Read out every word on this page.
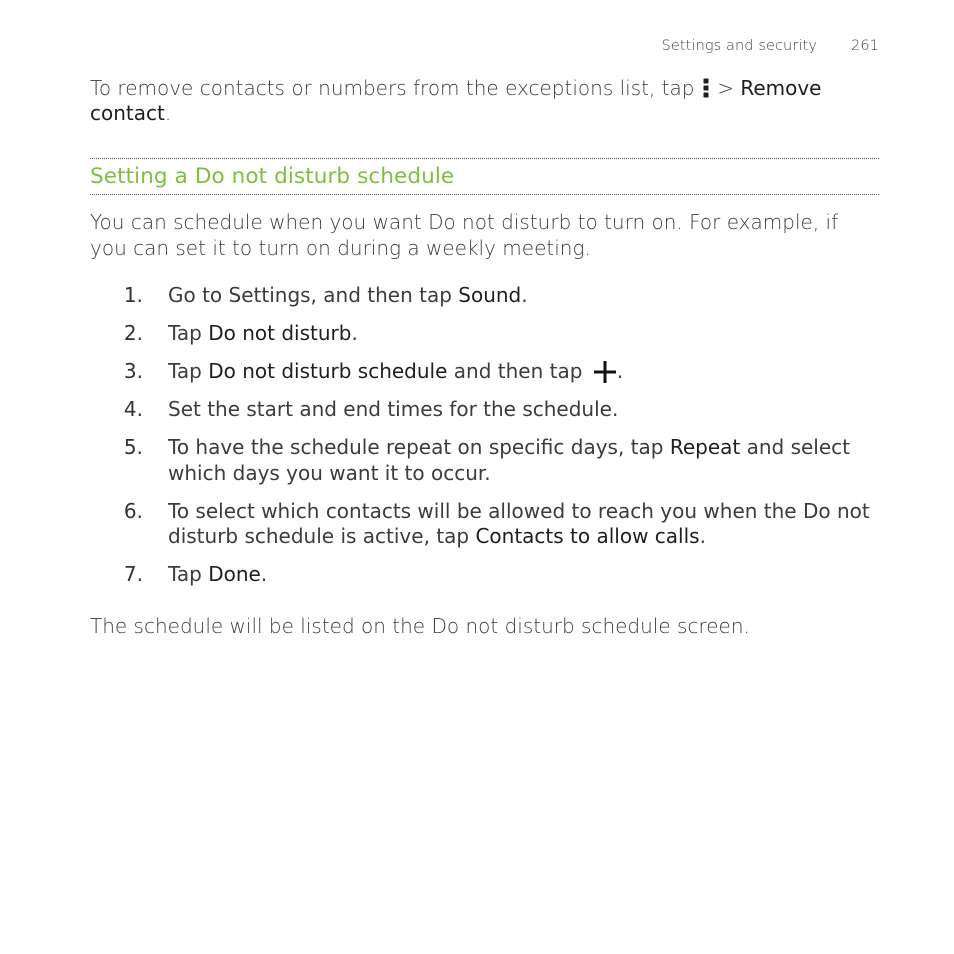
Settings and security 261
To remove contacts or numbers from the exceptions list, tap  > Remove contact.
Setting a Do not disturb schedule
You can schedule when you want Do not disturb to turn on. For example, if you can set it to turn on during a weekly meeting.
1. Go to Settings, and then tap Sound.
2. Tap Do not disturb.
3. Tap Do not disturb schedule and then tap .
4. Set the start and end times for the schedule.
5. To have the schedule repeat on specific days, tap Repeat and select which days you want it to occur.
6. To select which contacts will be allowed to reach you when the Do not disturb schedule is active, tap Contacts to allow calls.
7. Tap Done.
The schedule will be listed on the Do not disturb schedule screen.
